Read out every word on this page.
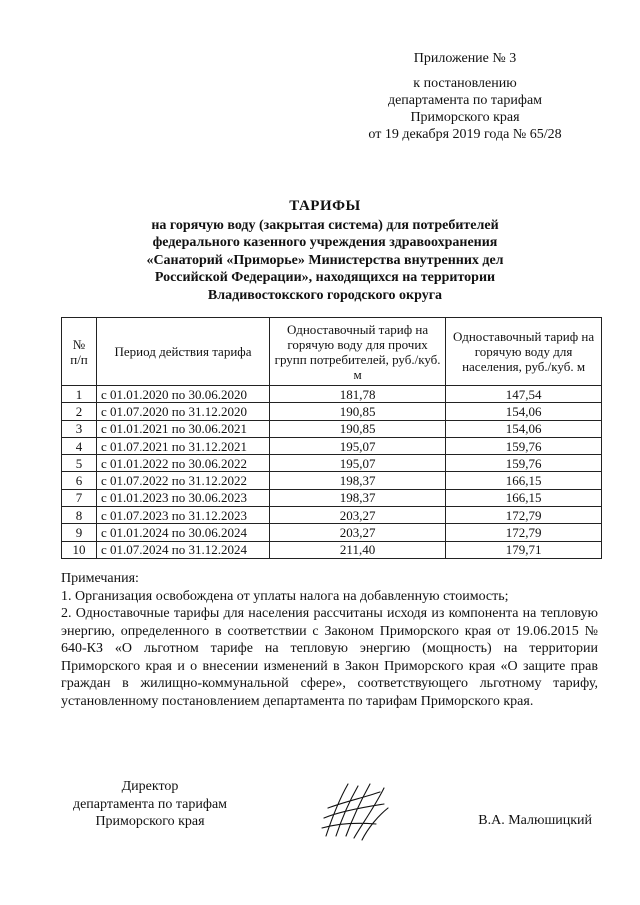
Приложение № 3
к постановлению
департамента по тарифам
Приморского края
от 19 декабря 2019 года № 65/28
ТАРИФЫ
на горячую воду (закрытая система) для потребителей
федерального казенного учреждения здравоохранения
«Санаторий «Приморье» Министерства внутренних дел
Российской Федерации», находящихся на территории
Владивостокского городского округа
№ п/п	Период действия тарифа	Одноставочный тариф на горячую воду для прочих групп потребителей, руб./куб. м	Одноставочный тариф на горячую воду для населения, руб./куб. м
1	с 01.01.2020 по 30.06.2020	181,78	147,54
2	с 01.07.2020 по 31.12.2020	190,85	154,06
3	с 01.01.2021 по 30.06.2021	190,85	154,06
4	с 01.07.2021 по 31.12.2021	195,07	159,76
5	с 01.01.2022 по 30.06.2022	195,07	159,76
6	с 01.07.2022 по 31.12.2022	198,37	166,15
7	с 01.01.2023 по 30.06.2023	198,37	166,15
8	с 01.07.2023 по 31.12.2023	203,27	172,79
9	с 01.01.2024 по 30.06.2024	203,27	172,79
10	с 01.07.2024 по 31.12.2024	211,40	179,71

Примечания:

1. Организация освобождена от уплаты налога на добавленную стоимость;

2. Одноставочные тарифы для населения рассчитаны исходя из компонента на тепловую энергию, определенного в соответствии с Законом Приморского края от 19.06.2015 № 640-КЗ «О льготном тарифе на тепловую энергию (мощность) на территории Приморского края и о внесении изменений в Закон Приморского края «О защите прав граждан в жилищно-коммунальной сфере», соответствующего льготному тарифу, установленному постановлением департамента по тарифам Приморского края.

Директор
департамента по тарифам
Приморского края	В.А. Малюшицкий
